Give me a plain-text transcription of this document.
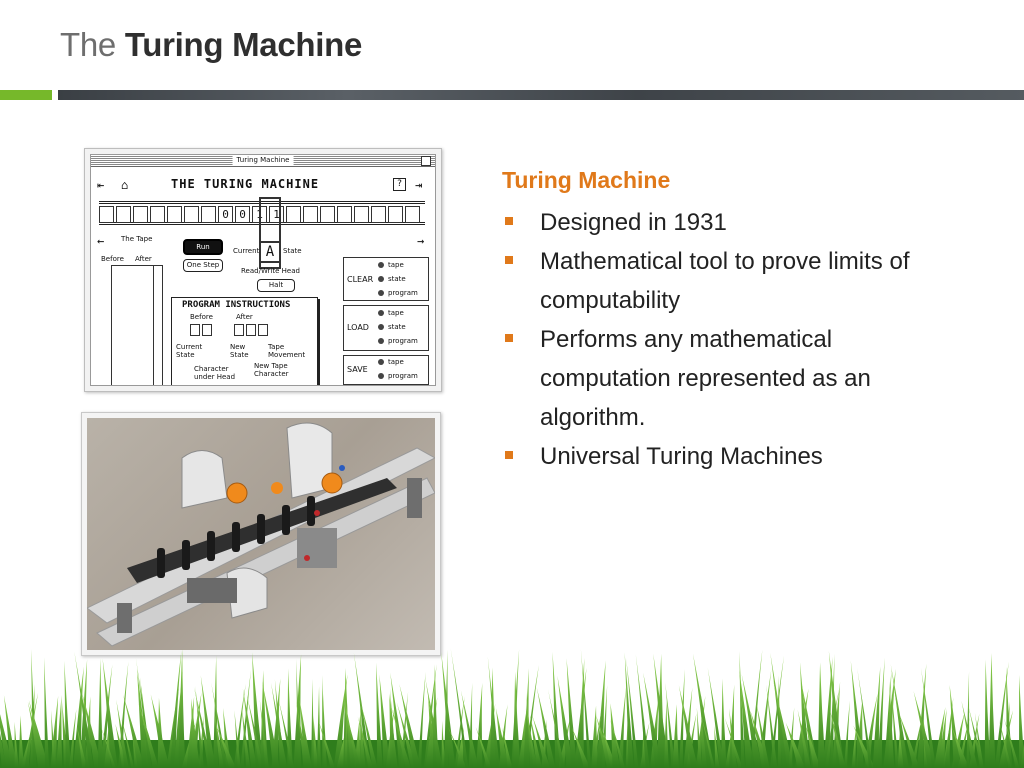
The Turing Machine
Turing Machine
⇤ ⌂	THE TURING MACHINE	?	⇥
0 0 1 1
A
←	→
The Tape
Before After
Current	State
Read/Write Head
Run
One Step
Halt
PROGRAM INSTRUCTIONS
Before	After
Current State
New State
Tape Movement
Character under Head
New Tape Character
CLEAR
tape
state
program
LOAD
tape
state
program
SAVE
tape
program
Turing Machine
Designed in 1931
Mathematical tool to prove limits of computability
Performs any mathematical computation represented as an algorithm.
Universal Turing Machines
